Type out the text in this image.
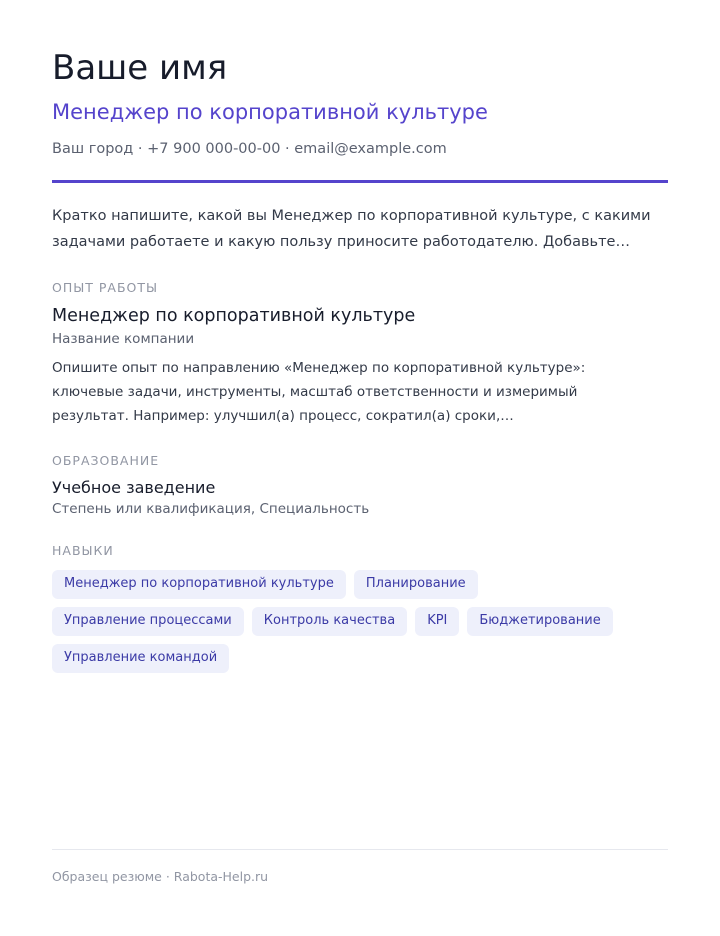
Ваше имя
Менеджер по корпоративной культуре
Ваш город · +7 900 000-00-00 · email@example.com
Кратко напишите, какой вы Менеджер по корпоративной культуре, с какими задачами работаете и какую пользу приносите работодателю. Добавьте…
ОПЫТ РАБОТЫ
Менеджер по корпоративной культуре
Название компании
Опишите опыт по направлению «Менеджер по корпоративной культуре»: ключевые задачи, инструменты, масштаб ответственности и измеримый результат. Например: улучшил(а) процесс, сократил(а) сроки,…
ОБРАЗОВАНИЕ
Учебное заведение
Степень или квалификация, Специальность
НАВЫКИ
Менеджер по корпоративной культуре	Планирование
Управление процессами	Контроль качества	KPI	Бюджетирование
Управление командой
Образец резюме · Rabota-Help.ru
